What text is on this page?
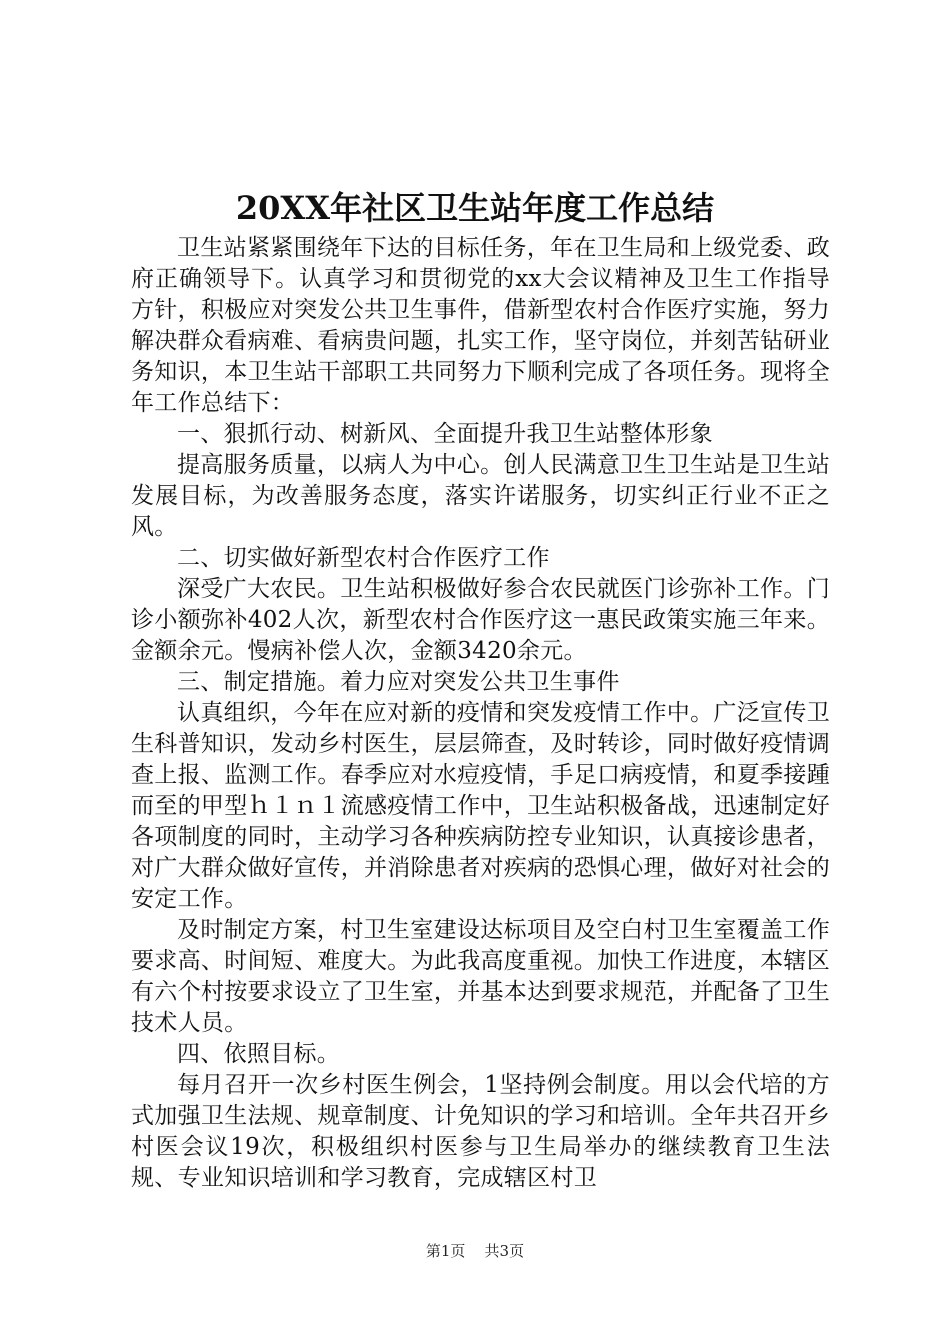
20XX年社区卫生站年度工作总结

卫生站紧紧围绕年下达的目标任务，年在卫生局和上级党委、政府正确领导下。认真学习和贯彻党的xx大会议精神及卫生工作指导方针，积极应对突发公共卫生事件，借新型农村合作医疗实施，努力解决群众看病难、看病贵问题，扎实工作，坚守岗位，并刻苦钻研业务知识，本卫生站干部职工共同努力下顺利完成了各项任务。现将全年工作总结下：

一、狠抓行动、树新风、全面提升我卫生站整体形象

提高服务质量，以病人为中心。创人民满意卫生卫生站是卫生站发展目标，为改善服务态度，落实许诺服务，切实纠正行业不正之风。

二、切实做好新型农村合作医疗工作

深受广大农民。卫生站积极做好参合农民就医门诊弥补工作。门诊小额弥补402人次，新型农村合作医疗这一惠民政策实施三年来。金额余元。慢病补偿人次，金额3420余元。

三、制定措施。着力应对突发公共卫生事件

认真组织，今年在应对新的疫情和突发疫情工作中。广泛宣传卫生科普知识，发动乡村医生，层层筛查，及时转诊，同时做好疫情调查上报、监测工作。春季应对水痘疫情，手足口病疫情，和夏季接踵而至的甲型ｈ１ｎ１流感疫情工作中，卫生站积极备战，迅速制定好各项制度的同时，主动学习各种疾病防控专业知识，认真接诊患者，对广大群众做好宣传，并消除患者对疾病的恐惧心理，做好对社会的安定工作。

及时制定方案，村卫生室建设达标项目及空白村卫生室覆盖工作要求高、时间短、难度大。为此我高度重视。加快工作进度，本辖区有六个村按要求设立了卫生室，并基本达到要求规范，并配备了卫生技术人员。

四、依照目标。

每月召开一次乡村医生例会，1坚持例会制度。用以会代培的方式加强卫生法规、规章制度、计免知识的学习和培训。全年共召开乡村医会议19次，积极组织村医参与卫生局举办的继续教育卫生法规、专业知识培训和学习教育，完成辖区村卫

第1页 共3页
